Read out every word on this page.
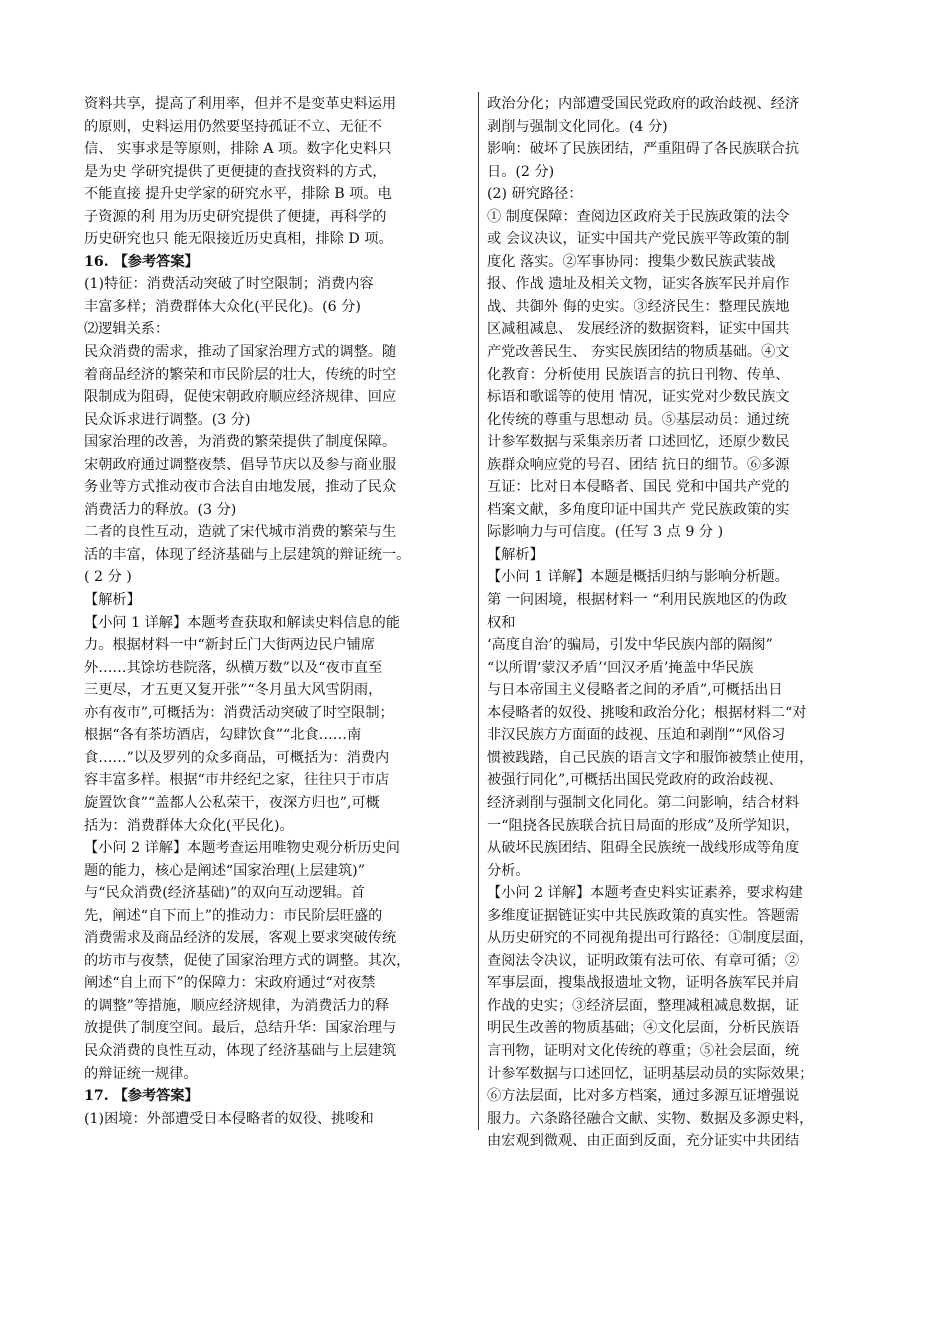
资料共享，提高了利用率，但并不是变革史料运用
的原则，史料运用仍然要坚持孤证不立、无征不
信、 实事求是等原则，排除 A 项。数字化史料只
是为史 学研究提供了更便捷的查找资料的方式，
不能直接 提升史学家的研究水平，排除 B 项。电
子资源的利 用为历史研究提供了便捷，再科学的
历史研究也只 能无限接近历史真相，排除 D 项。
16. 【参考答案】
(1)特征：消费活动突破了时空限制；消费内容
丰富多样；消费群体大众化(平民化)。(6 分)
⑵逻辑关系：
民众消费的需求，推动了国家治理方式的调整。随
着商品经济的繁荣和市民阶层的壮大，传统的时空
限制成为阻碍，促使宋朝政府顺应经济规律、回应
民众诉求进行调整。(3 分)
国家治理的改善，为消费的繁荣提供了制度保障。
宋朝政府通过调整夜禁、倡导节庆以及参与商业服
务业等方式推动夜市合法自由地发展，推动了民众
消费活力的释放。(3 分)
二者的良性互动，造就了宋代城市消费的繁荣与生
活的丰富，体现了经济基础与上层建筑的辩证统一。
( 2 分 )
【解析】
【小问 1 详解】本题考查获取和解读史料信息的能
力。根据材料一中“新封丘门大街两边民户铺席
外……其馀坊巷院落，纵横万数”以及“夜市直至
三更尽，才五更又复开张”“冬月虽大风雪阴雨，
亦有夜市”,可概括为：消费活动突破了时空限制；
根据“各有茶坊酒店，勾肆饮食”“北食……南
食……”以及罗列的众多商品，可概括为：消费内
容丰富多样。根据“市井经纪之家，往往只于市店
旋置饮食”“盖都人公私荣干，夜深方归也”,可概
括为：消费群体大众化(平民化)。
【小问 2 详解】本题考查运用唯物史观分析历史问
题的能力，核心是阐述“国家治理(上层建筑)”
与“民众消费(经济基础)”的双向互动逻辑。首
先，阐述“自下而上”的推动力：市民阶层旺盛的
消费需求及商品经济的发展，客观上要求突破传统
的坊市与夜禁，促使了国家治理方式的调整。其次，
阐述“自上而下”的保障力：宋政府通过“对夜禁
的调整”等措施，顺应经济规律，为消费活力的释
放提供了制度空间。最后，总结升华：国家治理与
民众消费的良性互动，体现了经济基础与上层建筑
的辩证统一规律。
17. 【参考答案】
(1)困境：外部遭受日本侵略者的奴役、挑唆和
政治分化；内部遭受国民党政府的政治歧视、经济
剥削与强制文化同化。(4 分)
影响：破坏了民族团结，严重阻碍了各民族联合抗
日。(2 分)
(2) 研究路径：
① 制度保障：查阅边区政府关于民族政策的法令
或 会议决议，证实中国共产党民族平等政策的制
度化 落实。②军事协同：搜集少数民族武装战
报、作战 遗址及相关文物，证实各族军民并肩作
战、共御外 侮的史实。③经济民生：整理民族地
区减租减息、 发展经济的数据资料，证实中国共
产党改善民生、 夯实民族团结的物质基础。④文
化教育：分析使用 民族语言的抗日刊物、传单、
标语和歌谣等的使用 情况，证实党对少数民族文
化传统的尊重与思想动 员。⑤基层动员：通过统
计参军数据与采集亲历者 口述回忆，还原少数民
族群众响应党的号召、团结 抗日的细节。⑥多源
互证：比对日本侵略者、国民 党和中国共产党的
档案文献，多角度印证中国共产 党民族政策的实
际影响力与可信度。(任写 3 点 9 分 )
【解析】
【小问 1 详解】本题是概括归纳与影响分析题。
第 一问困境，根据材料一 “利用民族地区的伪政
权和
‘高度自治’的骗局，引发中华民族内部的隔阂”
“以所谓‘蒙汉矛盾’‘回汉矛盾’掩盖中华民族
与日本帝国主义侵略者之间的矛盾”,可概括出日
本侵略者的奴役、挑唆和政治分化；根据材料二“对
非汉民族方方面面的歧视、压迫和剥削”“风俗习
惯被践踏，自己民族的语言文字和服饰被禁止使用，
被强行同化”,可概括出国民党政府的政治歧视、
经济剥削与强制文化同化。第二问影响，结合材料
一“阻挠各民族联合抗日局面的形成”及所学知识，
从破坏民族团结、阻碍全民族统一战线形成等角度
分析。
【小问 2 详解】本题考查史料实证素养，要求构建
多维度证据链证实中共民族政策的真实性。答题需
从历史研究的不同视角提出可行路径：①制度层面，
查阅法令决议，证明政策有法可依、有章可循；②
军事层面，搜集战报遗址文物，证明各族军民并肩
作战的史实；③经济层面，整理减租减息数据，证
明民生改善的物质基础；④文化层面，分析民族语
言刊物，证明对文化传统的尊重；⑤社会层面，统
计参军数据与口述回忆，证明基层动员的实际效果；
⑥方法层面，比对多方档案，通过多源互证增强说
服力。六条路径融合文献、实物、数据及多源史料，
由宏观到微观、由正面到反面，充分证实中共团结
